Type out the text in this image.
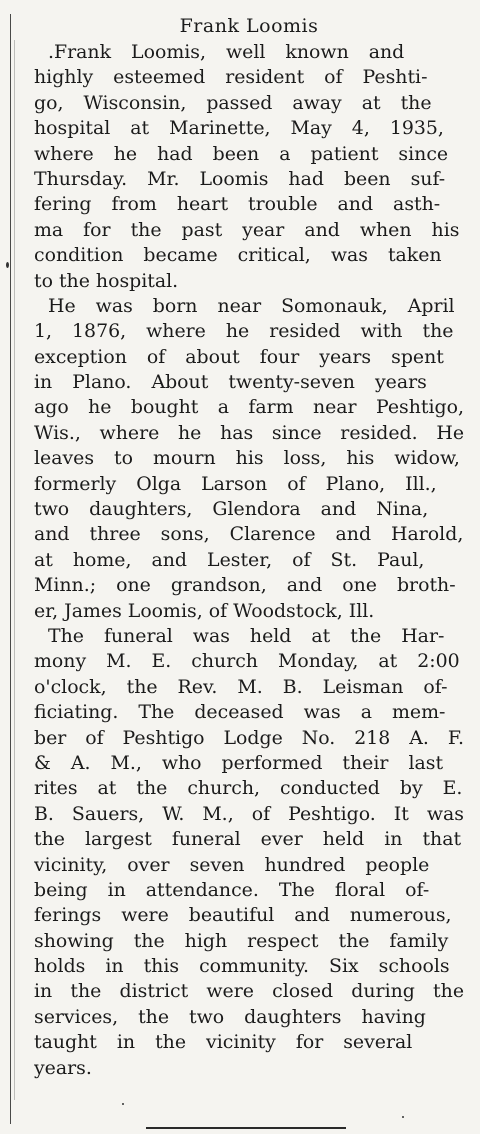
Frank Loomis
.Frank Loomis, well known and
highly esteemed resident of Peshti-
go, Wisconsin, passed away at the
hospital at Marinette, May 4, 1935,
where he had been a patient since
Thursday. Mr. Loomis had been suf-
fering from heart trouble and asth-
ma for the past year and when his
condition became critical, was taken
to the hospital.
He was born near Somonauk, April
1, 1876, where he resided with the
exception of about four years spent
in Plano. About twenty-seven years
ago he bought a farm near Peshtigo,
Wis., where he has since resided. He
leaves to mourn his loss, his widow,
formerly Olga Larson of Plano, Ill.,
two daughters, Glendora and Nina,
and three sons, Clarence and Harold,
at home, and Lester, of St. Paul,
Minn.; one grandson, and one broth-
er, James Loomis, of Woodstock, Ill.
The funeral was held at the Har-
mony M. E. church Monday, at 2:00
o'clock, the Rev. M. B. Leisman of-
ficiating. The deceased was a mem-
ber of Peshtigo Lodge No. 218 A. F.
& A. M., who performed their last
rites at the church, conducted by E.
B. Sauers, W. M., of Peshtigo. It was
the largest funeral ever held in that
vicinity, over seven hundred people
being in attendance. The floral of-
ferings were beautiful and numerous,
showing the high respect the family
holds in this community. Six schools
in the district were closed during the
services, the two daughters having
taught in the vicinity for several
years.
